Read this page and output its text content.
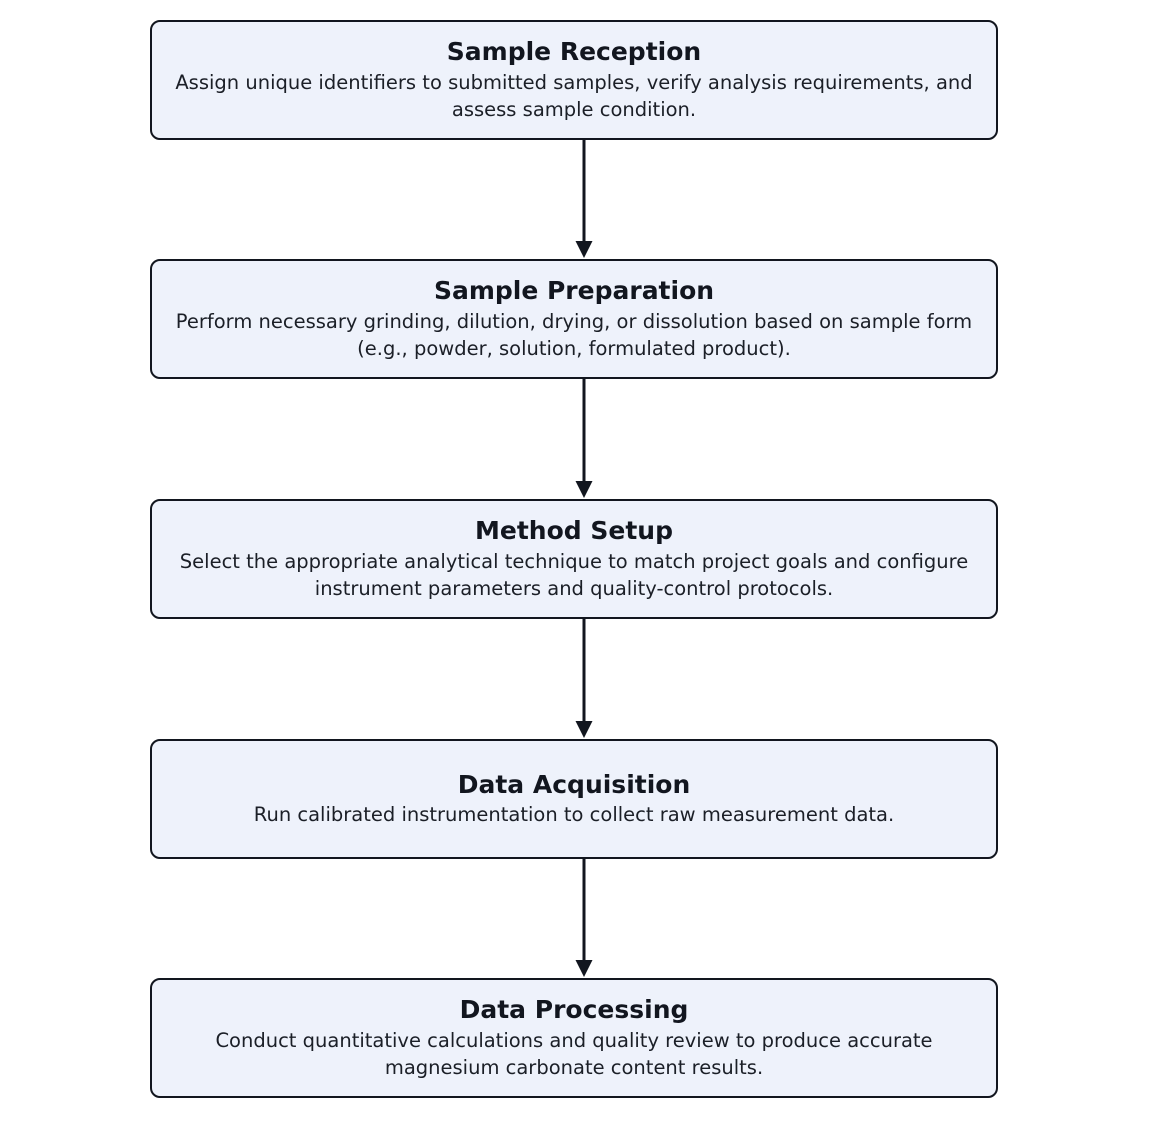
Sample Reception
Assign unique identifiers to submitted samples, verify analysis requirements, and assess sample condition.
Sample Preparation
Perform necessary grinding, dilution, drying, or dissolution based on sample form (e.g., powder, solution, formulated product).
Method Setup
Select the appropriate analytical technique to match project goals and configure instrument parameters and quality-control protocols.
Data Acquisition
Run calibrated instrumentation to collect raw measurement data.
Data Processing
Conduct quantitative calculations and quality review to produce accurate magnesium carbonate content results.
